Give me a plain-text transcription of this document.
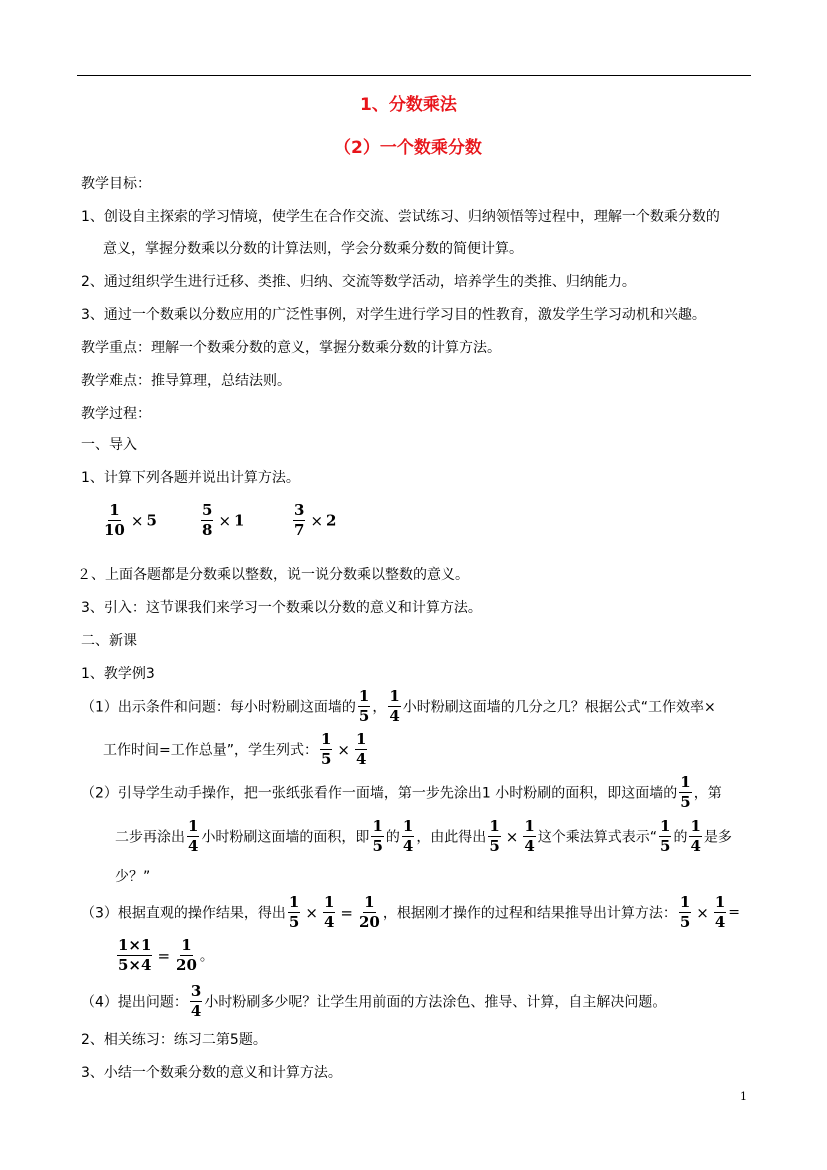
1、分数乘法
（2）一个数乘分数
教学目标：
1、创设自主探索的学习情境，使学生在合作交流、尝试练习、归纳领悟等过程中，理解一个数乘分数的
意义，掌握分数乘以分数的计算法则，学会分数乘分数的简便计算。
2、通过组织学生进行迁移、类推、归纳、交流等数学活动，培养学生的类推、归纳能力。
3、通过一个数乘以分数应用的广泛性事例，对学生进行学习目的性教育，激发学生学习动机和兴趣。
教学重点：理解一个数乘分数的意义，掌握分数乘分数的计算方法。
教学难点：推导算理，总结法则。
教学过程：
一、导入
1、计算下列各题并说出计算方法。
$\frac{1}{10} \times 5$	$\frac{5}{8} \times 1$	$\frac{3}{7} \times 2$
２、上面各题都是分数乘以整数，说一说分数乘以整数的意义。
3、引入：这节课我们来学习一个数乘以分数的意义和计算方法。
二、新课
1、教学例3
（1）出示条件和问题：每小时粉刷这面墙的 $\frac{1}{5}$ ， $\frac{1}{4}$ 小时粉刷这面墙的几分之几？根据公式“工作效率×
工作时间=工作总量”，学生列式： $\frac{1}{5} \times \frac{1}{4}$
（2）引导学生动手操作，把一张纸张看作一面墙，第一步先涂出1 小时粉刷的面积，即这面墙的 $\frac{1}{5}$ ，第
二步再涂出 $\frac{1}{4}$ 小时粉刷这面墙的面积，即 $\frac{1}{5}$ 的 $\frac{1}{4}$ ，由此得出 $\frac{1}{5} \times \frac{1}{4}$ 这个乘法算式表示“ $\frac{1}{5}$ 的 $\frac{1}{4}$ 是多
少？”
（3）根据直观的操作结果，得出 $\frac{1}{5} \times \frac{1}{4} = \frac{1}{20}$ ，根据刚才操作的过程和结果推导出计算方法： $\frac{1}{5} \times \frac{1}{4}$ =
$\frac{1\times 1}{5\times 4} = \frac{1}{20}$ 。
（4）提出问题： $\frac{3}{4}$ 小时粉刷多少呢？让学生用前面的方法涂色、推导、计算，自主解决问题。
2、相关练习：练习二第5题。
3、小结一个数乘分数的意义和计算方法。
1
